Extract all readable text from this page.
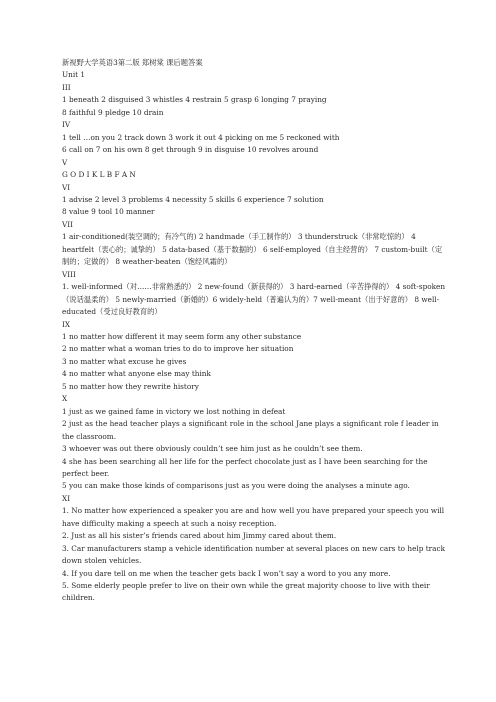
新视野大学英语3第二版 郑树棠 课后题答案
Unit 1
III
1 beneath 2 disguised 3 whistles 4 restrain 5 grasp 6 longing 7 praying
8 faithful 9 pledge 10 drain
IV
1 tell …on you 2 track down 3 work it out 4 picking on me 5 reckoned with
6 call on 7 on his own 8 get through 9 in disguise 10 revolves around
V
G O D I K L B F A N
VI
1 advise 2 level 3 problems 4 necessity 5 skills 6 experience 7 solution
8 value 9 tool 10 manner
VII
1 air-conditioned(装空调的；有冷气的) 2 handmade（手工制作的） 3 thunderstruck（非常吃惊的） 4 heartfelt（衷心的；诚挚的） 5 data-based（基于数据的） 6 self-employed（自主经营的） 7 custom-built（定制的；定做的） 8 weather-beaten（饱经风霜的）
VIII
1. well-informed（对……非常熟悉的） 2 new-found（新获得的） 3 hard-earned（辛苦挣得的） 4 soft-spoken（说话温柔的） 5 newly-married（新婚的）6 widely-held（普遍认为的）7 well-meant（出于好意的） 8 well-educated（受过良好教育的）
IX
1 no matter how different it may seem form any other substance
2 no matter what a woman tries to do to improve her situation
3 no matter what excuse he gives
4 no matter what anyone else may think
5 no matter how they rewrite history
X
1 just as we gained fame in victory we lost nothing in defeat
2 just as the head teacher plays a significant role in the school Jane plays a significant role f leader in the classroom.
3 whoever was out there obviously couldn’t see him just as he couldn’t see them.
4 she has been searching all her life for the perfect chocolate just as I have been searching for the perfect beer.
5 you can make those kinds of comparisons just as you were doing the analyses a minute ago.
XI
1. No matter how experienced a speaker you are and how well you have prepared your speech you will have difficulty making a speech at such a noisy reception.
2. Just as all his sister’s friends cared about him Jimmy cared about them.
3. Car manufacturers stamp a vehicle identification number at several places on new cars to help track down stolen vehicles.
4. If you dare tell on me when the teacher gets back I won’t say a word to you any more.
5. Some elderly people prefer to live on their own while the great majority choose to live with their children.
